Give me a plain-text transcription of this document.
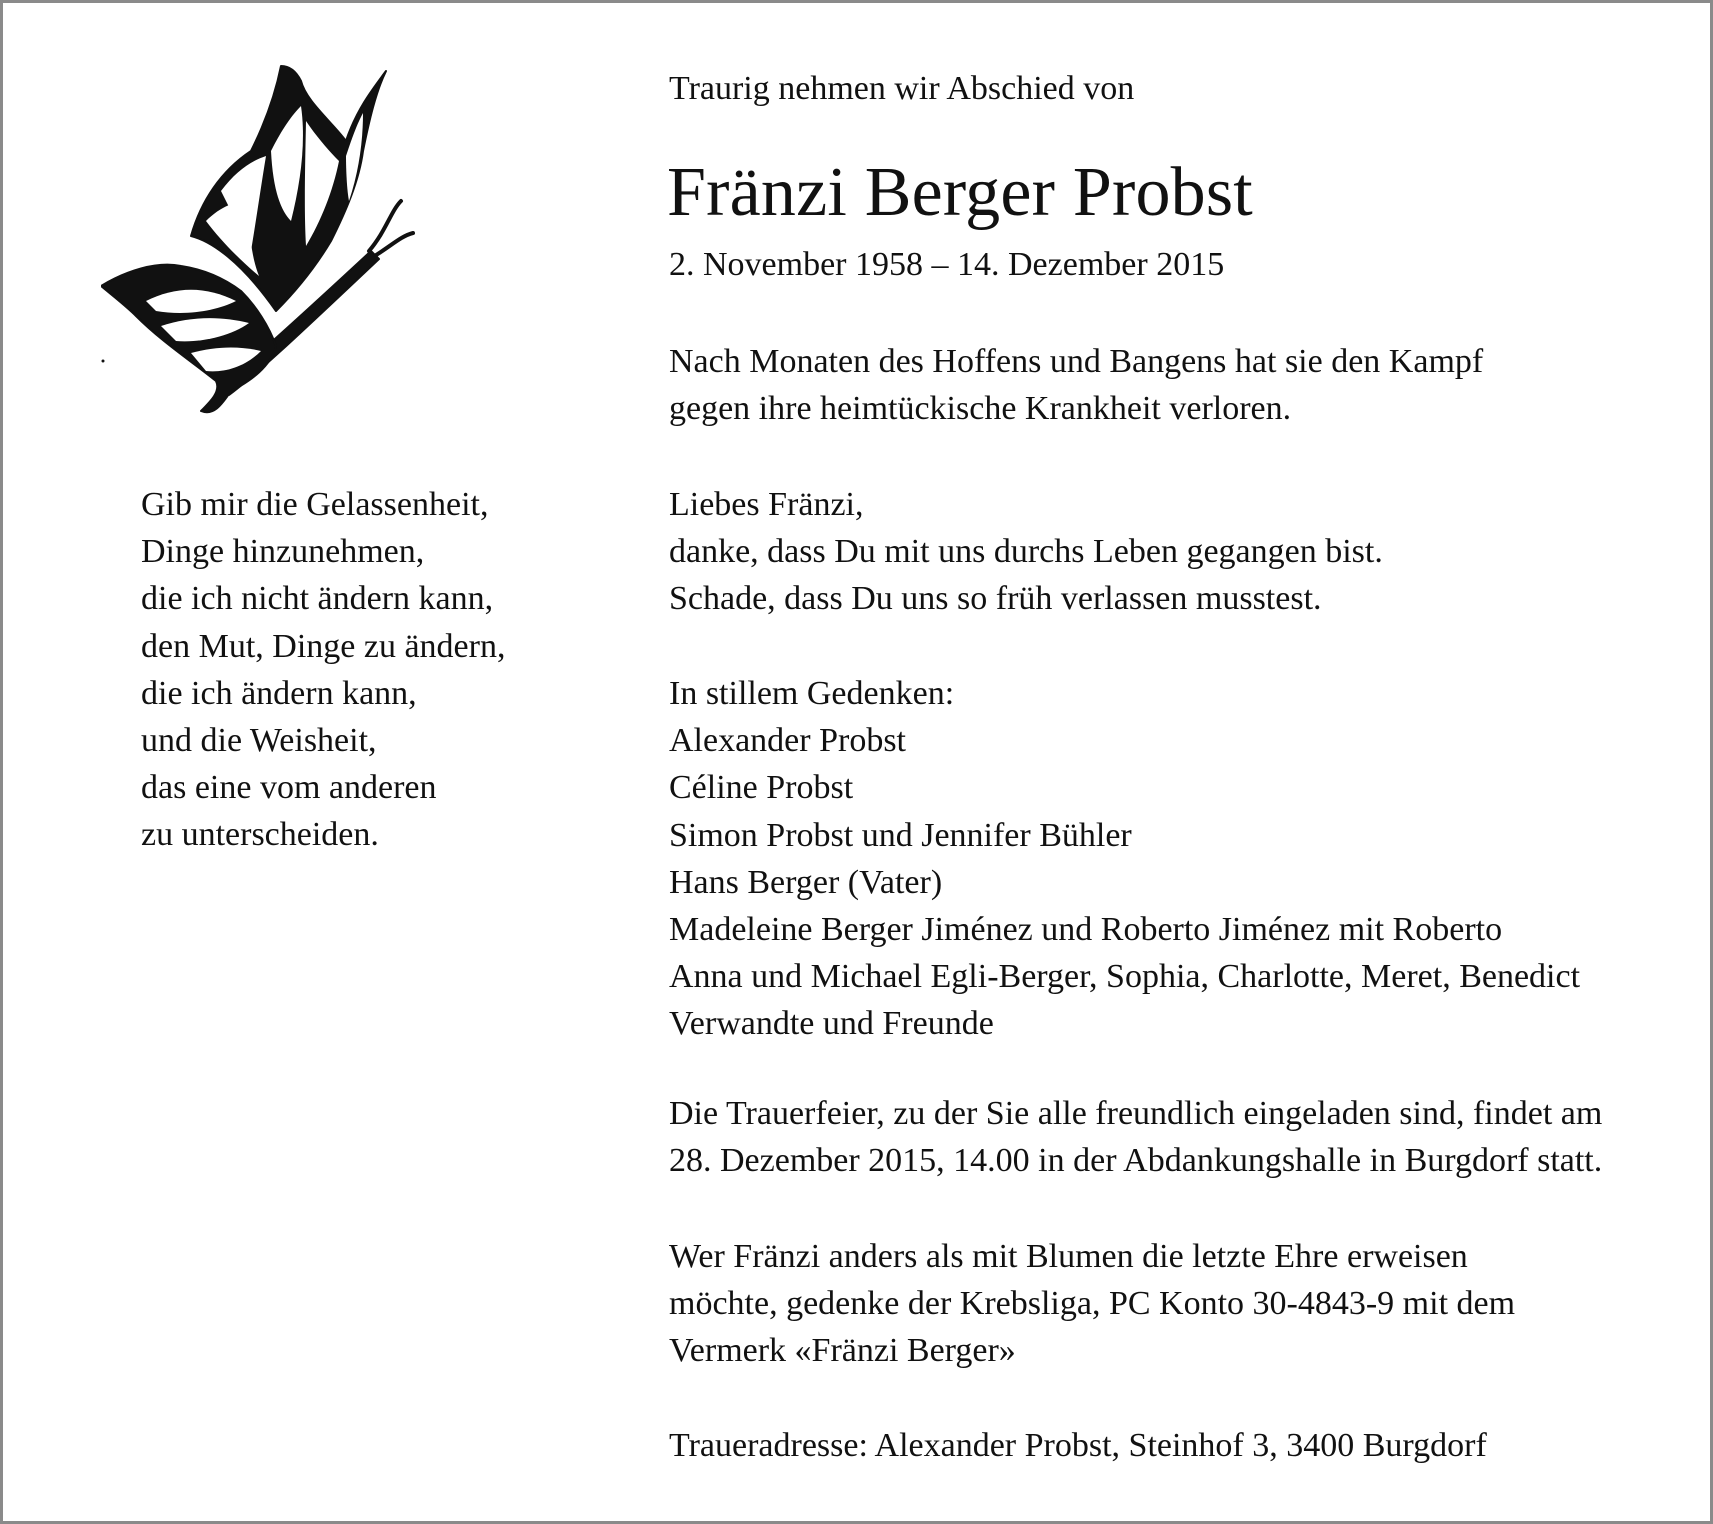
Gib mir die Gelassenheit,
Dinge hinzunehmen,
die ich nicht ändern kann,
den Mut, Dinge zu ändern,
die ich ändern kann,
und die Weisheit,
das eine vom anderen
zu unterscheiden.
Traurig nehmen wir Abschied von
Fränzi Berger Probst
2. November 1958 – 14. Dezember 2015
Nach Monaten des Hoffens und Bangens hat sie den Kampf
gegen ihre heimtückische Krankheit verloren.
Liebes Fränzi,
danke, dass Du mit uns durchs Leben gegangen bist.
Schade, dass Du uns so früh verlassen musstest.
In stillem Gedenken:
Alexander Probst
Céline Probst
Simon Probst und Jennifer Bühler
Hans Berger (Vater)
Madeleine Berger Jiménez und Roberto Jiménez mit Roberto
Anna und Michael Egli-Berger, Sophia, Charlotte, Meret, Benedict
Verwandte und Freunde
Die Trauerfeier, zu der Sie alle freundlich eingeladen sind, findet am
28. Dezember 2015, 14.00 in der Abdankungshalle in Burgdorf statt.
Wer Fränzi anders als mit Blumen die letzte Ehre erweisen
möchte, gedenke der Krebsliga, PC Konto 30-4843-9 mit dem
Vermerk «Fränzi Berger»
Traueradresse: Alexander Probst, Steinhof 3, 3400 Burgdorf
